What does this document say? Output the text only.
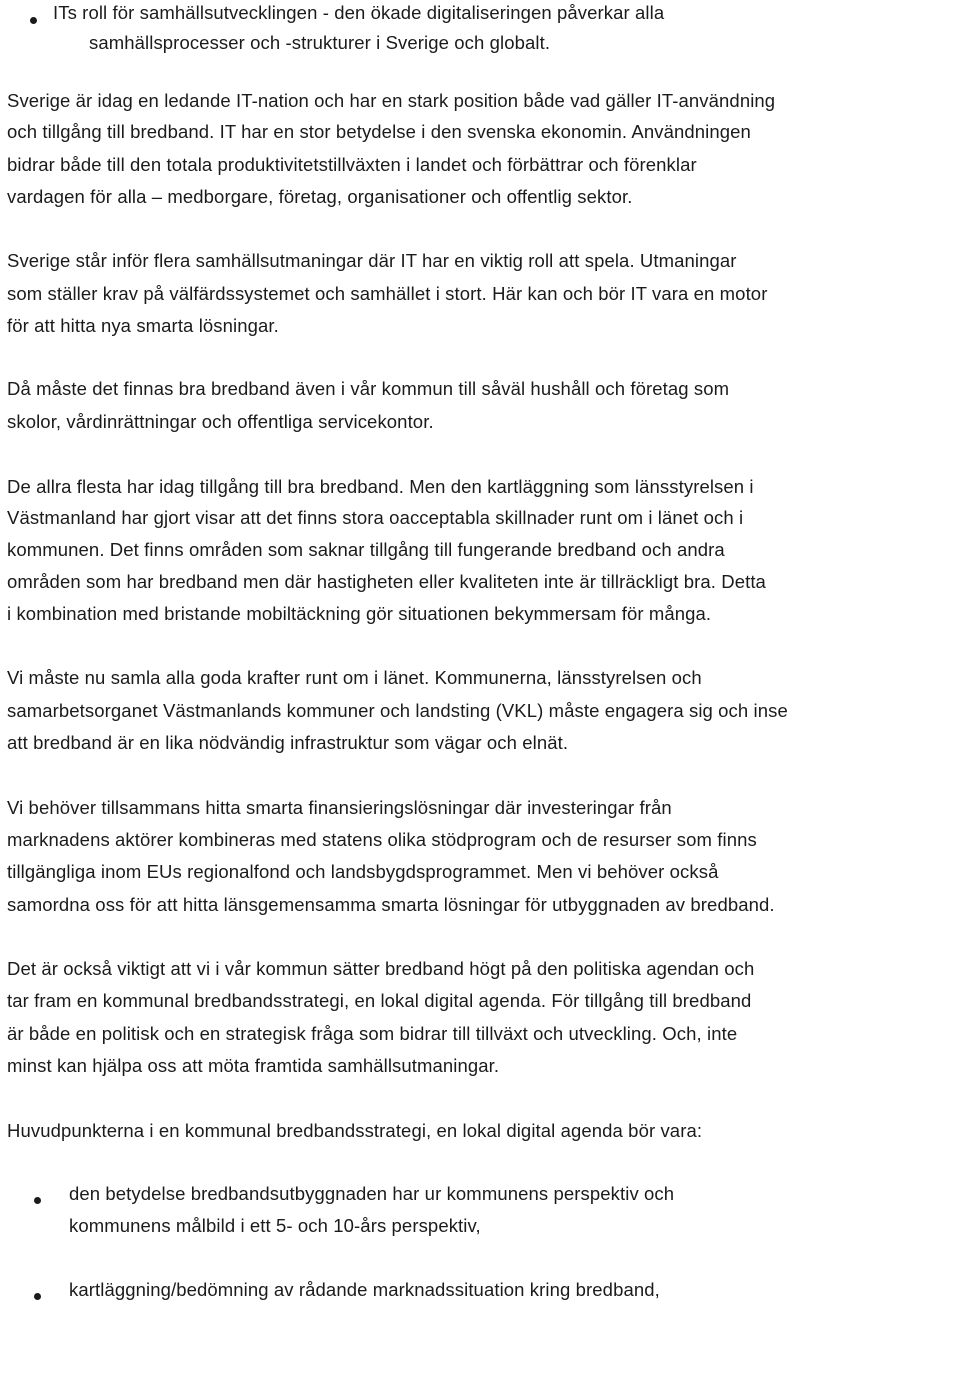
ITs roll för samhällsutvecklingen - den ökade digitaliseringen påverkar alla
samhällsprocesser och -strukturer i Sverige och globalt.
Sverige är idag en ledande IT-nation och har en stark position både vad gäller IT-användning
och tillgång till bredband. IT har en stor betydelse i den svenska ekonomin. Användningen
bidrar både till den totala produktivitetstillväxten i landet och förbättrar och förenklar
vardagen för alla – medborgare, företag, organisationer och offentlig sektor.
Sverige står inför flera samhällsutmaningar där IT har en viktig roll att spela. Utmaningar
som ställer krav på välfärdssystemet och samhället i stort. Här kan och bör IT vara en motor
för att hitta nya smarta lösningar.
Då måste det finnas bra bredband även i vår kommun till såväl hushåll och företag som
skolor, vårdinrättningar och offentliga servicekontor.
De allra flesta har idag tillgång till bra bredband. Men den kartläggning som länsstyrelsen i
Västmanland har gjort visar att det finns stora oacceptabla skillnader runt om i länet och i
kommunen. Det finns områden som saknar tillgång till fungerande bredband och andra
områden som har bredband men där hastigheten eller kvaliteten inte är tillräckligt bra. Detta
i kombination med bristande mobiltäckning gör situationen bekymmersam för många.
Vi måste nu samla alla goda krafter runt om i länet. Kommunerna, länsstyrelsen och
samarbetsorganet Västmanlands kommuner och landsting (VKL) måste engagera sig och inse
att bredband är en lika nödvändig infrastruktur som vägar och elnät.
Vi behöver tillsammans hitta smarta finansieringslösningar där investeringar från
marknadens aktörer kombineras med statens olika stödprogram och de resurser som finns
tillgängliga inom EUs regionalfond och landsbygdsprogrammet. Men vi behöver också
samordna oss för att hitta länsgemensamma smarta lösningar för utbyggnaden av bredband.
Det är också viktigt att vi i vår kommun sätter bredband högt på den politiska agendan och
tar fram en kommunal bredbandsstrategi, en lokal digital agenda. För tillgång till bredband
är både en politisk och en strategisk fråga som bidrar till tillväxt och utveckling. Och, inte
minst kan hjälpa oss att möta framtida samhällsutmaningar.
Huvudpunkterna i en kommunal bredbandsstrategi, en lokal digital agenda bör vara:
den betydelse bredbandsutbyggnaden har ur kommunens perspektiv och
kommunens målbild i ett 5- och 10-års perspektiv,
kartläggning/bedömning av rådande marknadssituation kring bredband,
